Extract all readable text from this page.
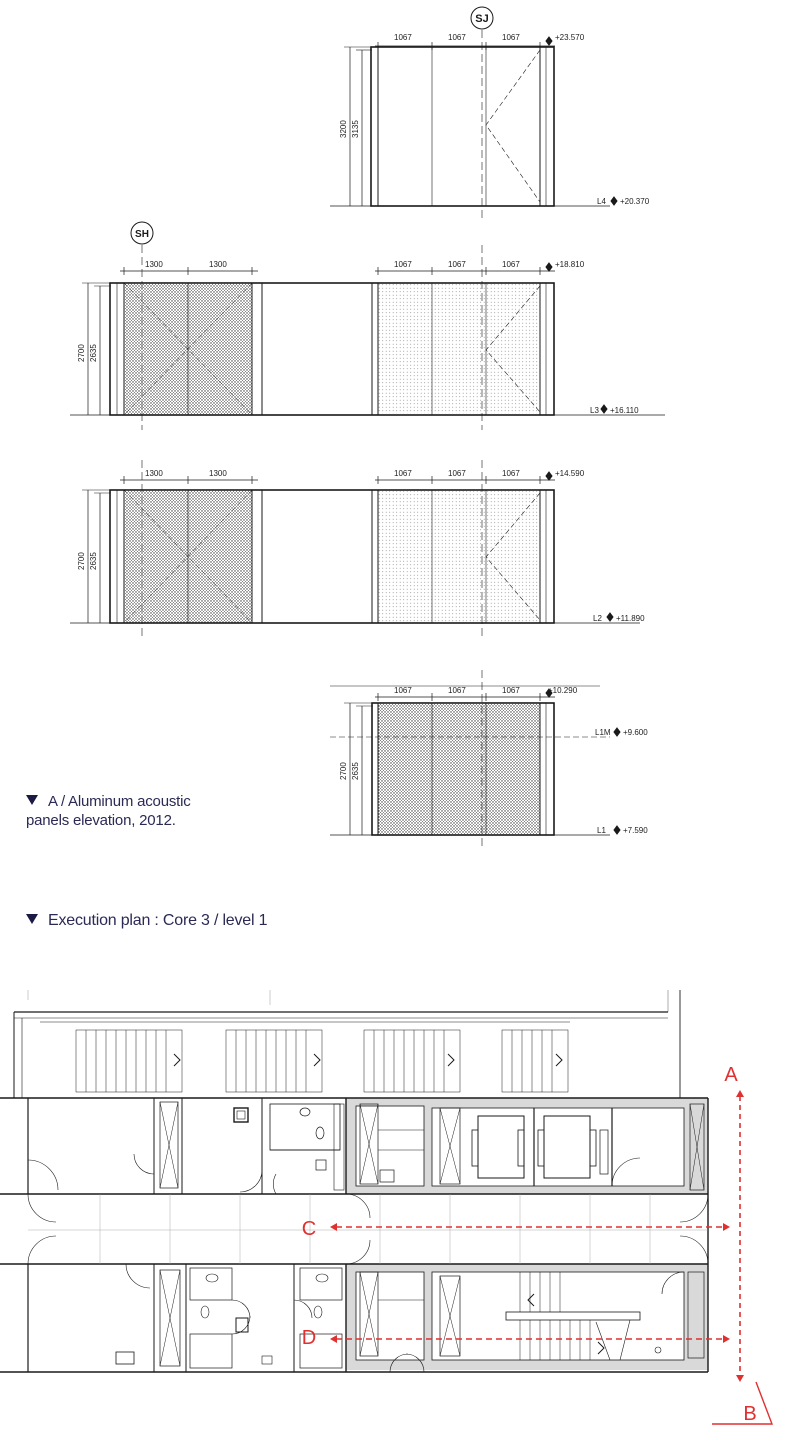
1067	1067	1067
3200 3135
+23.570
L4 +20.370
SJ
SH
1300	1300	1067	1067	1067
2700 2635
+18.810
L3 +16.110
1300	1300	1067	1067	1067
2700 2635
+14.590
L2 +11.890
1067	1067	1067
2700 2635
+10.290
L1M +9.600
L1 +7.590
A
B
C
D
A / Aluminum acoustic
panels elevation, 2012.
Execution plan : Core 3 / level 1
